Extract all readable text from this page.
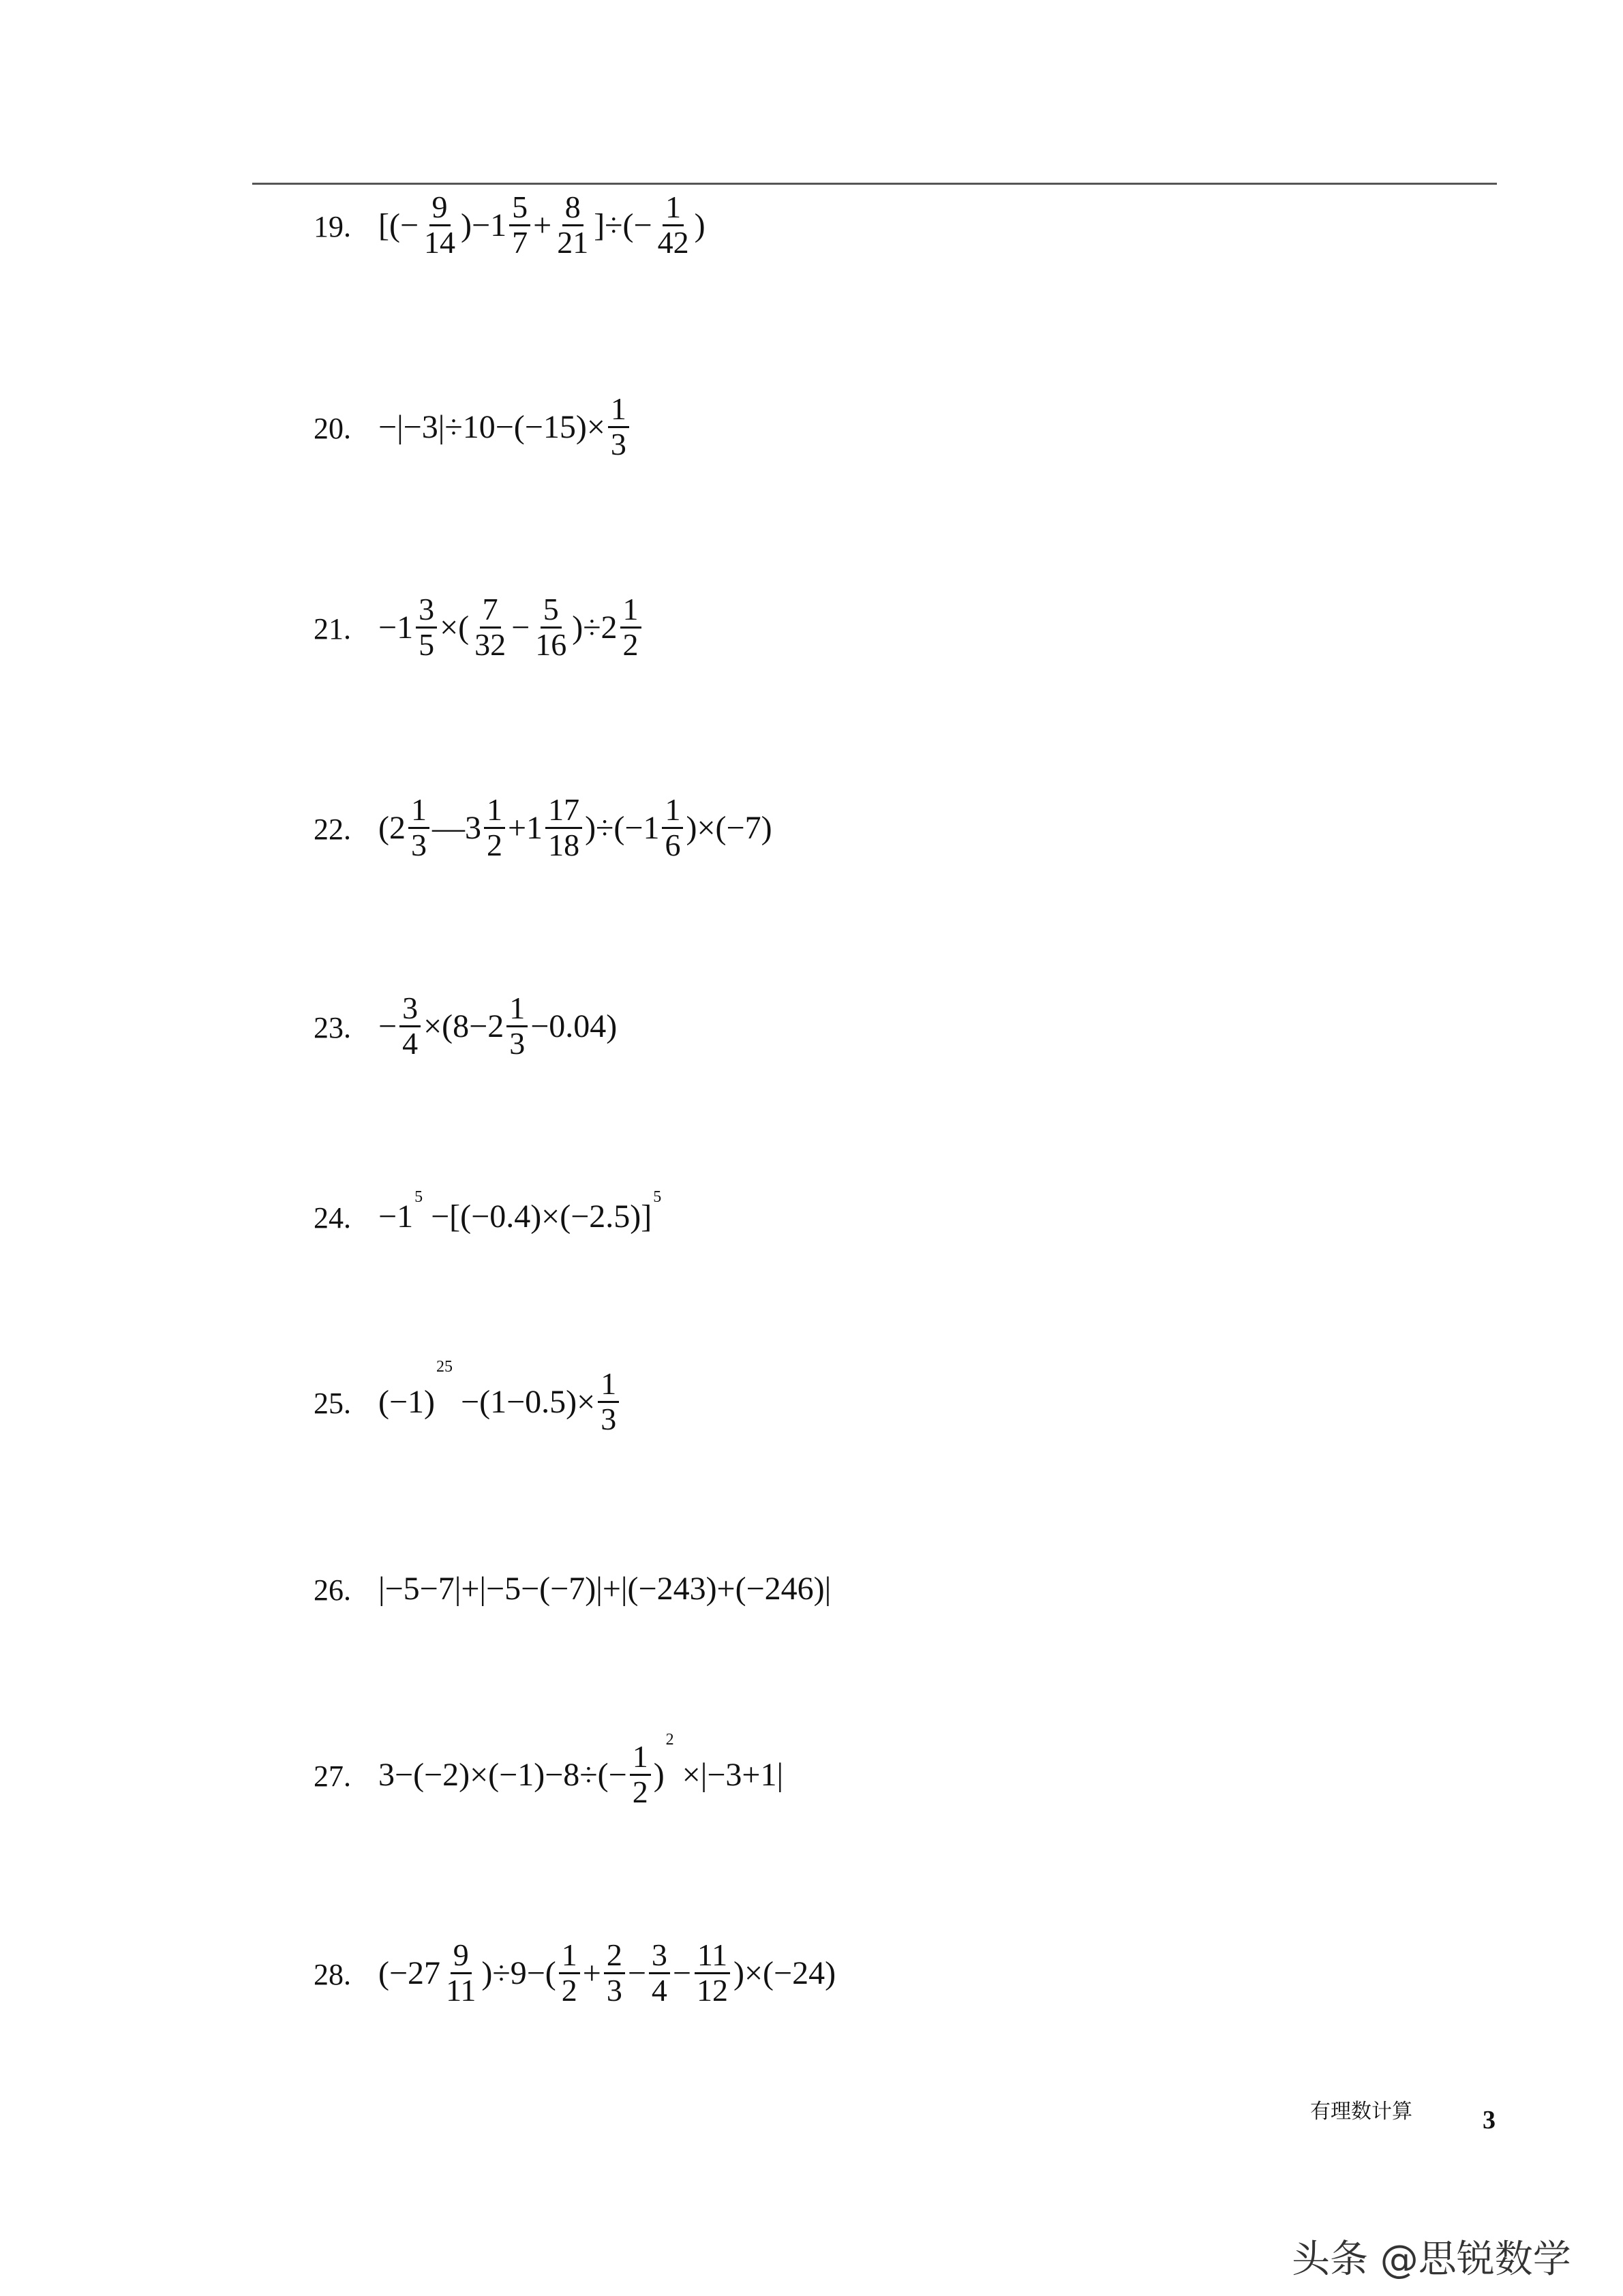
19. [(− $\frac{9}{14} )-1 \frac{5}{7} + \frac{8}{21}$ ]÷(− $\frac{1}{42}$ )
20. $-|-3|\div 10-(-15)\times \frac{1}{3}$
21. $-1 \frac{3}{5}$ ×( $\frac{7}{32} - \frac{5}{16} )\div 2 \frac{1}{2}$
22. ($2 \frac{1}{3}$ —3 $\frac{1}{2} +1 \frac{17}{18} )\div(-1 \frac{1}{6} )\times(-7)$
23. − $\frac{3}{4} \times(8-2 \frac{1}{3} -0.04)$
24. −1
5
−[(−0.4)×(−2.5)]
5
25. (−1)
25
$-(1-0.5)\times \frac{1}{3}$
26. |−5−7|+|−5−(−7)|+|(−243)+(−246)|
27. $3-(-2)\times(-1)-8\div(- \frac{1}{2}$ )
2
×|−3+1|
28. $(-27 \frac{9}{11} )\div 9-( \frac{1}{2} + \frac{2}{3} - \frac{3}{4} - \frac{11}{12} )\times(-24)$
有理数计算	3
头条 @思锐数学
